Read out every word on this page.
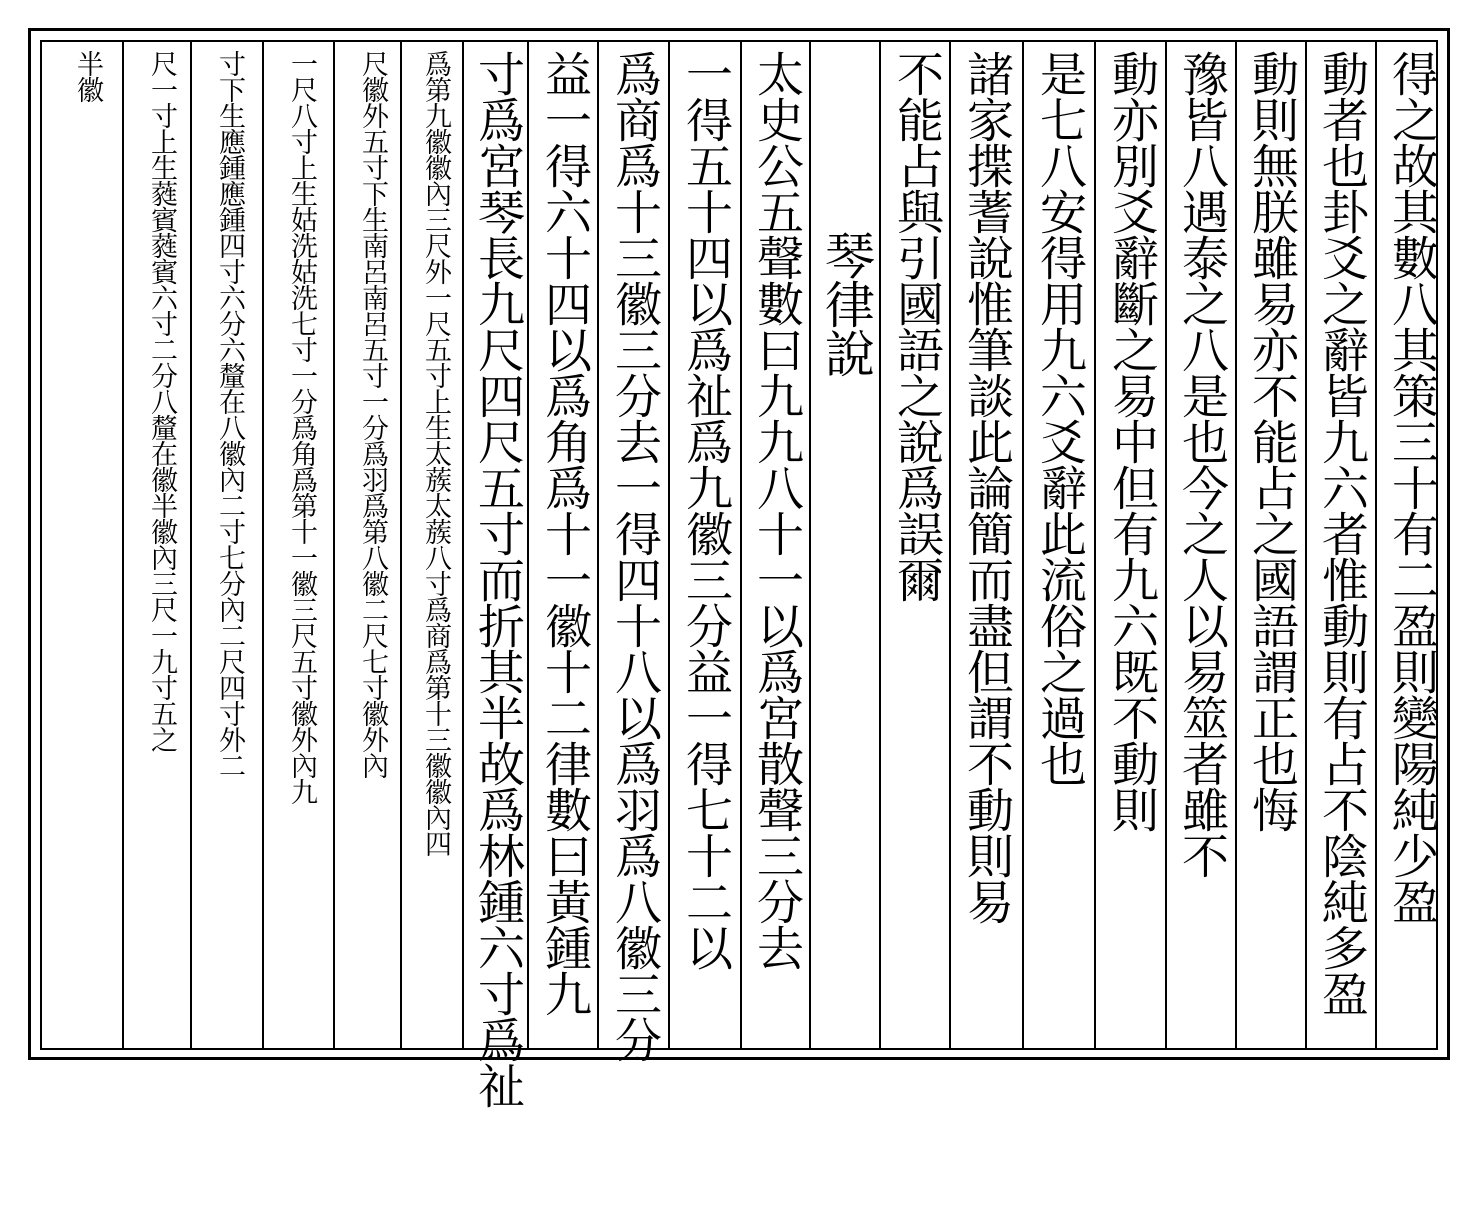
得之故其數八其策三十有二盈則變陽純少盈
動者也卦爻之辭皆九六者惟動則有占不陰純多盈
動則無朕雖易亦不能占之國語謂正也悔
豫皆八遇泰之八是也今之人以易筮者雖不
動亦別爻辭斷之易中但有九六既不動則
是七八安得用九六爻辭此流俗之過也
諸家揲蓍說惟筆談此論簡而盡但謂不動則易
不能占與引國語之說爲誤爾
琴律說
太史公五聲數曰九九八十一以爲宮散聲三分去
一得五十四以爲祉爲九徽三分益一得七十二以
爲商爲十三徽三分去一得四十八以爲羽爲八徽三分
益一得六十四以爲角爲十一徽十二律數曰黃鍾九
寸爲宮琴長九尺四尺五寸而折其半故爲林鍾六寸爲祉
爲第九徽徽內三尺外一尺五寸上生太蔟太蔟八寸爲商爲第十三徽徽內四
尺徽外五寸下生南呂南呂五寸一分爲羽爲第八徽二尺七寸徽外內
一尺八寸上生姑洗姑洗七寸一分爲角爲第十一徽三尺五寸徽外內九
寸下生應鍾應鍾四寸六分六釐在八徽內二寸七分內二尺四寸外二
尺一寸上生蕤賓蕤賓六寸二分八釐在徽半徽內三尺一九寸五之
半徽
